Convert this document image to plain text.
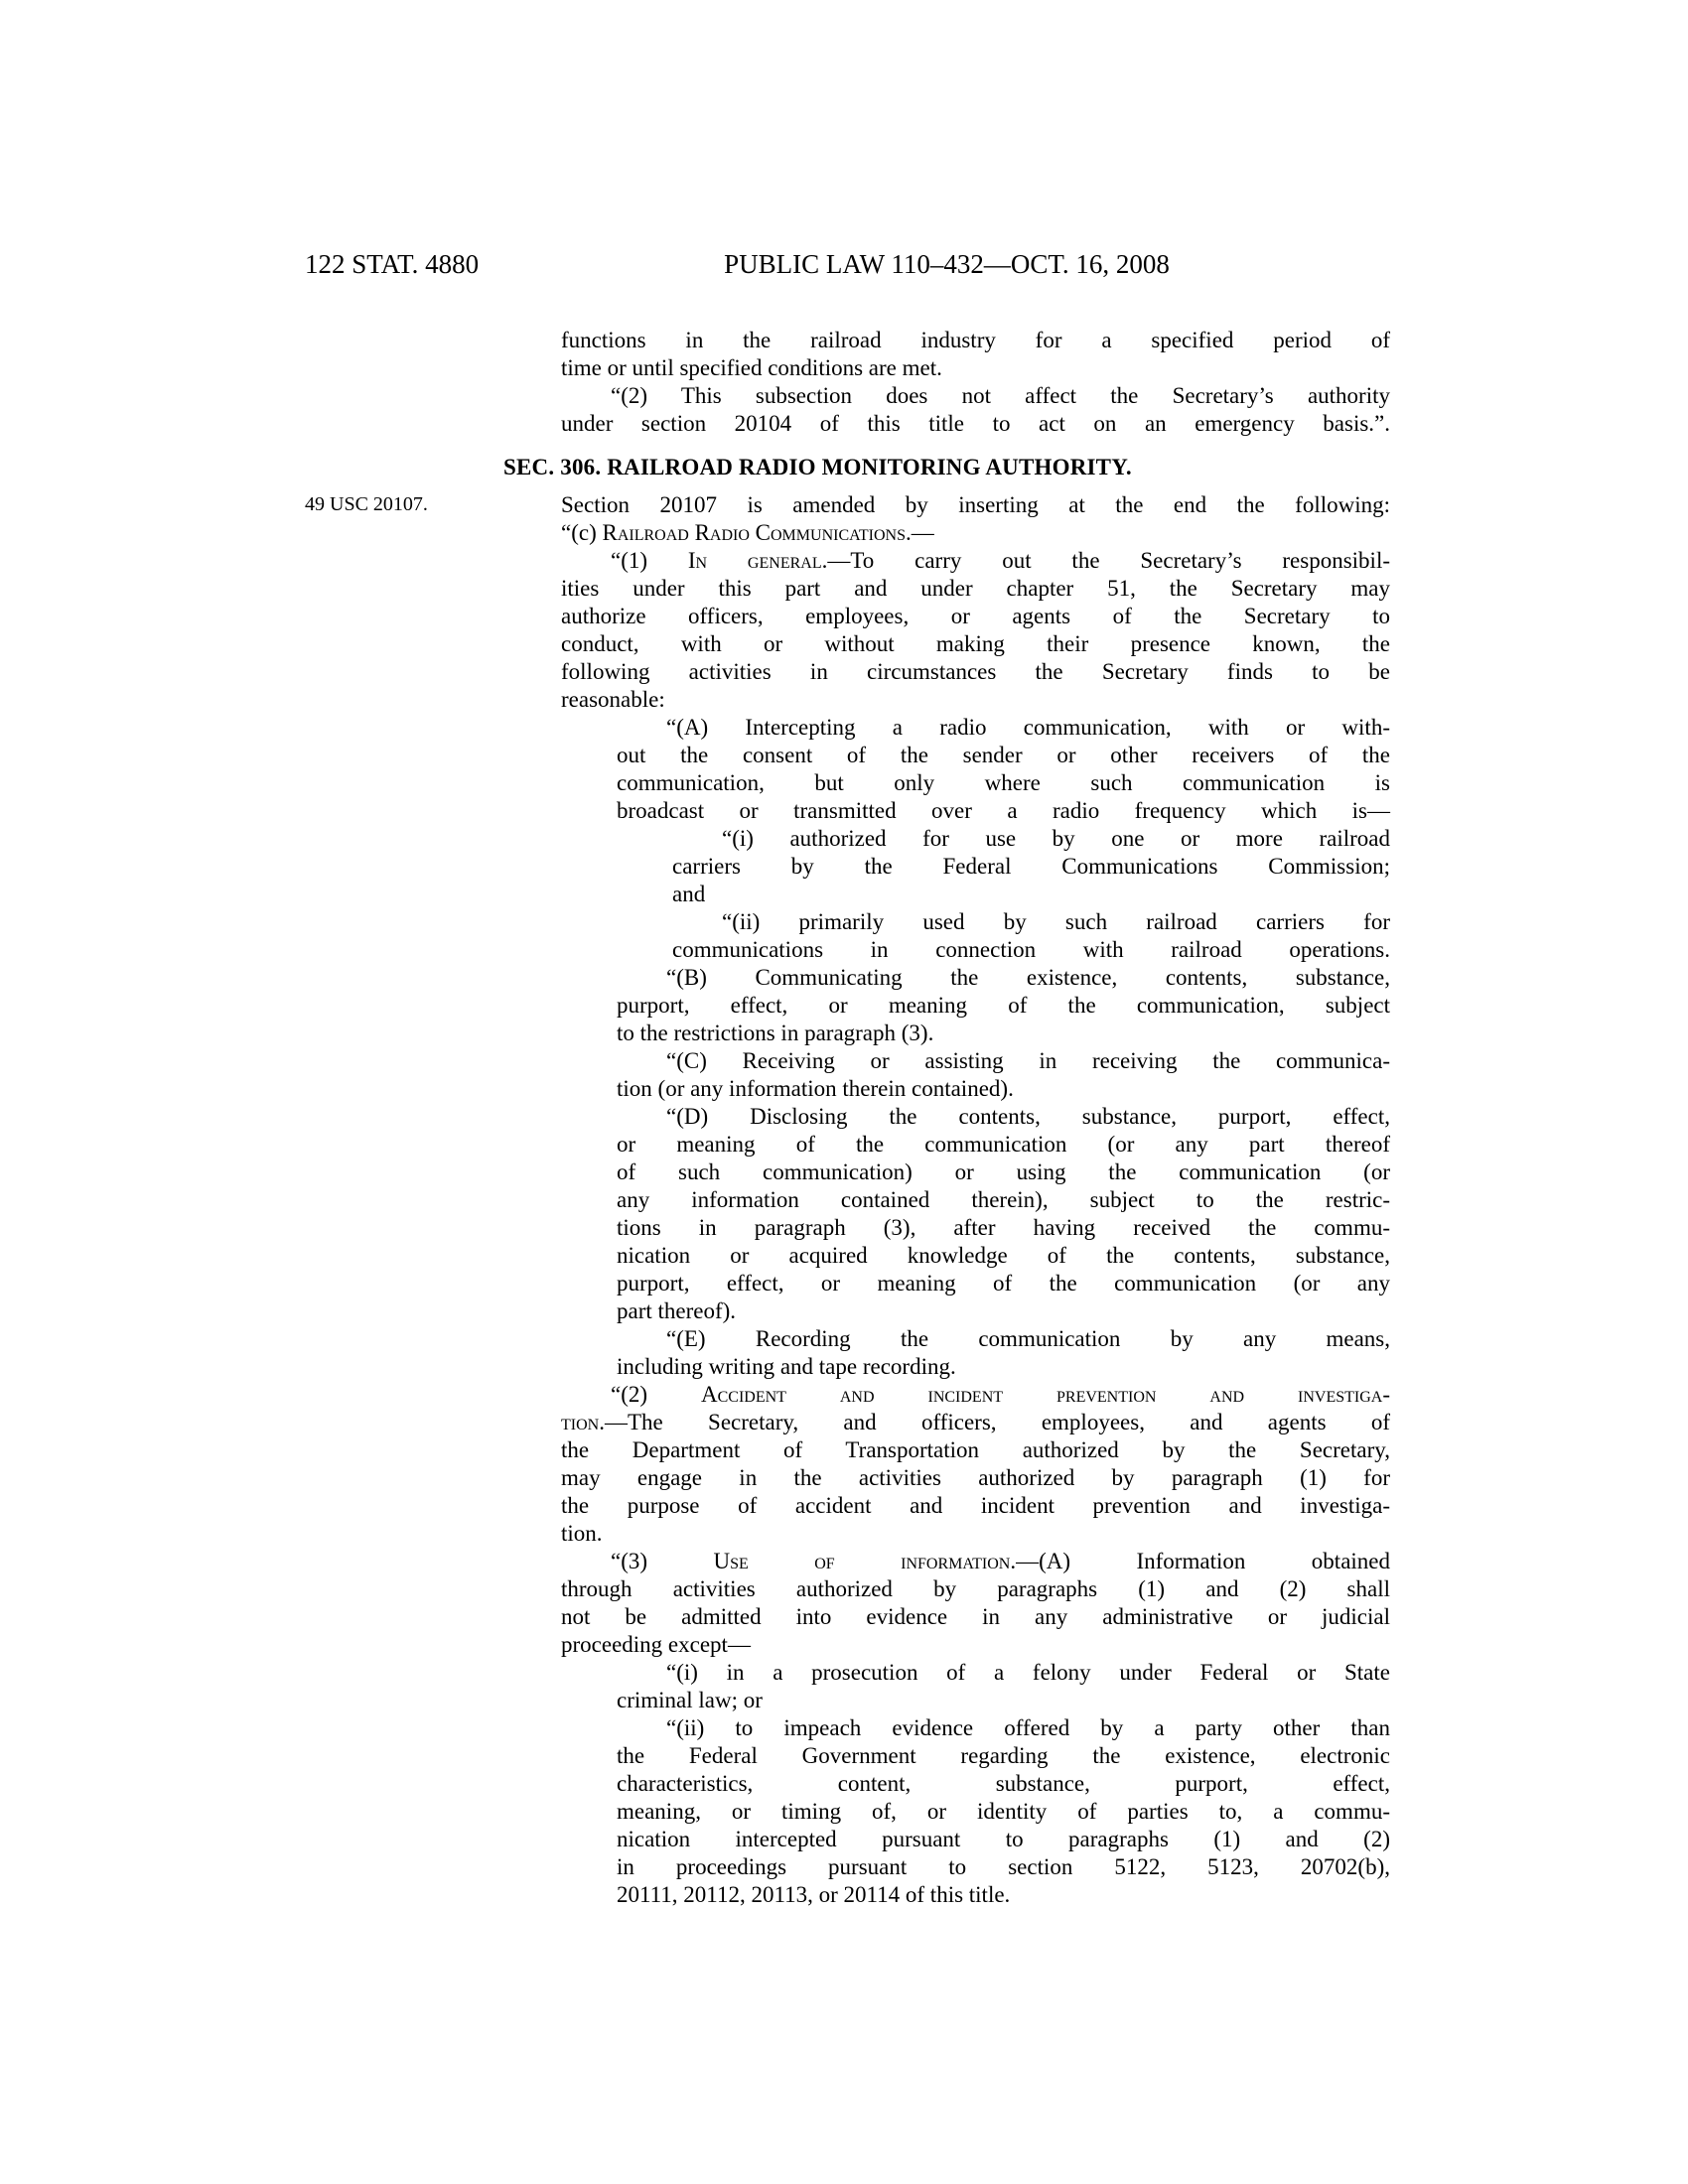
122 STAT. 4880	PUBLIC LAW 110–432—OCT. 16, 2008
49 USC 20107.
functions in the railroad industry for a specified period of
time or until specified conditions are met.
“(2) This subsection does not affect the Secretary’s authority
under section 20104 of this title to act on an emergency basis.”.
SEC. 306. RAILROAD RADIO MONITORING AUTHORITY.
Section 20107 is amended by inserting at the end the following:
“(c) Railroad Radio Communications.—
“(1) In general.—To carry out the Secretary’s responsibil-
ities under this part and under chapter 51, the Secretary may
authorize officers, employees, or agents of the Secretary to
conduct, with or without making their presence known, the
following activities in circumstances the Secretary finds to be
reasonable:
“(A) Intercepting a radio communication, with or with-
out the consent of the sender or other receivers of the
communication, but only where such communication is
broadcast or transmitted over a radio frequency which is—
“(i) authorized for use by one or more railroad
carriers by the Federal Communications Commission;
and
“(ii) primarily used by such railroad carriers for
communications in connection with railroad operations.
“(B) Communicating the existence, contents, substance,
purport, effect, or meaning of the communication, subject
to the restrictions in paragraph (3).
“(C) Receiving or assisting in receiving the communica-
tion (or any information therein contained).
“(D) Disclosing the contents, substance, purport, effect,
or meaning of the communication (or any part thereof
of such communication) or using the communication (or
any information contained therein), subject to the restric-
tions in paragraph (3), after having received the commu-
nication or acquired knowledge of the contents, substance,
purport, effect, or meaning of the communication (or any
part thereof).
“(E) Recording the communication by any means,
including writing and tape recording.
“(2) Accident and incident prevention and investiga-
tion.—The Secretary, and officers, employees, and agents of
the Department of Transportation authorized by the Secretary,
may engage in the activities authorized by paragraph (1) for
the purpose of accident and incident prevention and investiga-
tion.
“(3) Use of information.—(A) Information obtained
through activities authorized by paragraphs (1) and (2) shall
not be admitted into evidence in any administrative or judicial
proceeding except—
“(i) in a prosecution of a felony under Federal or State
criminal law; or
“(ii) to impeach evidence offered by a party other than
the Federal Government regarding the existence, electronic
characteristics, content, substance, purport, effect,
meaning, or timing of, or identity of parties to, a commu-
nication intercepted pursuant to paragraphs (1) and (2)
in proceedings pursuant to section 5122, 5123, 20702(b),
20111, 20112, 20113, or 20114 of this title.
